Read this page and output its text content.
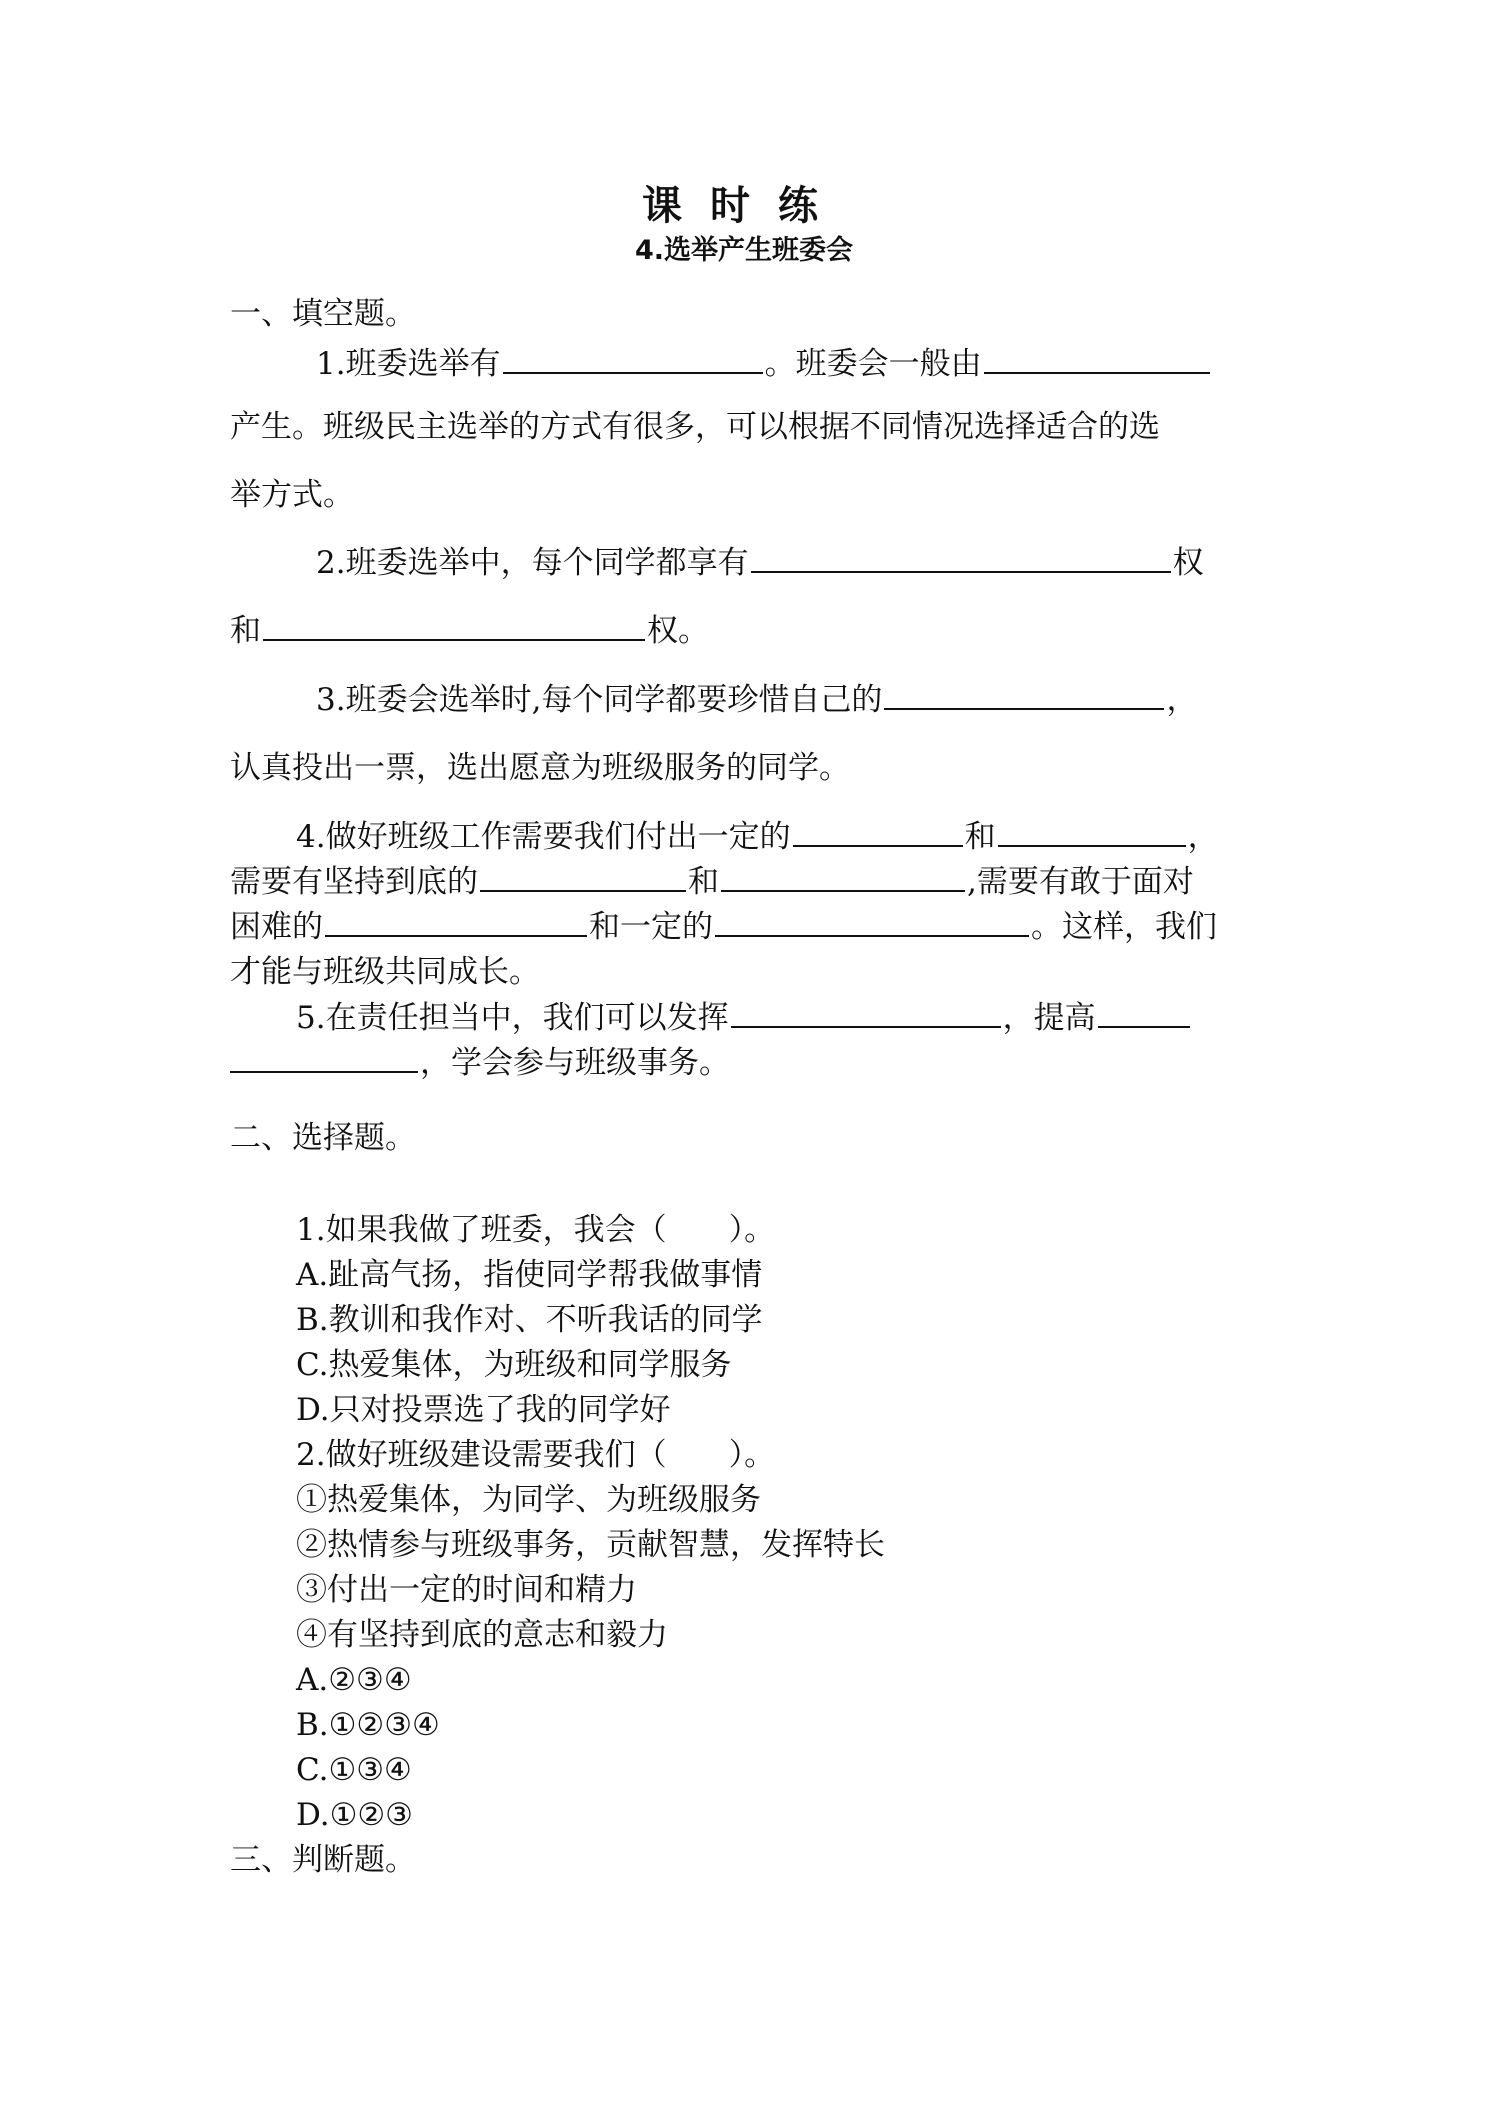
课时练
4.选举产生班委会
一、填空题。
1.班委选举有	。班委会一般由
产生。班级民主选举的方式有很多，可以根据不同情况选择适合的选
举方式。
2.班委选举中，每个同学都享有	权
和	权。
3.班委会选举时,每个同学都要珍惜自己的	，
认真投出一票，选出愿意为班级服务的同学。
4.做好班级工作需要我们付出一定的	和	，
需要有坚持到底的	和	,需要有敢于面对
困难的	和一定的	。这样，我们
才能与班级共同成长。
5.在责任担当中，我们可以发挥	，提高
，学会参与班级事务。
二、选择题。
1.如果我做了班委，我会（　　）。
A.趾高气扬，指使同学帮我做事情
B.教训和我作对、不听我话的同学
C.热爱集体，为班级和同学服务
D.只对投票选了我的同学好
2.做好班级建设需要我们（　　）。
①热爱集体，为同学、为班级服务
②热情参与班级事务，贡献智慧，发挥特长
③付出一定的时间和精力
④有坚持到底的意志和毅力
A.②③④
B.①②③④
C.①③④
D.①②③
三、判断题。
